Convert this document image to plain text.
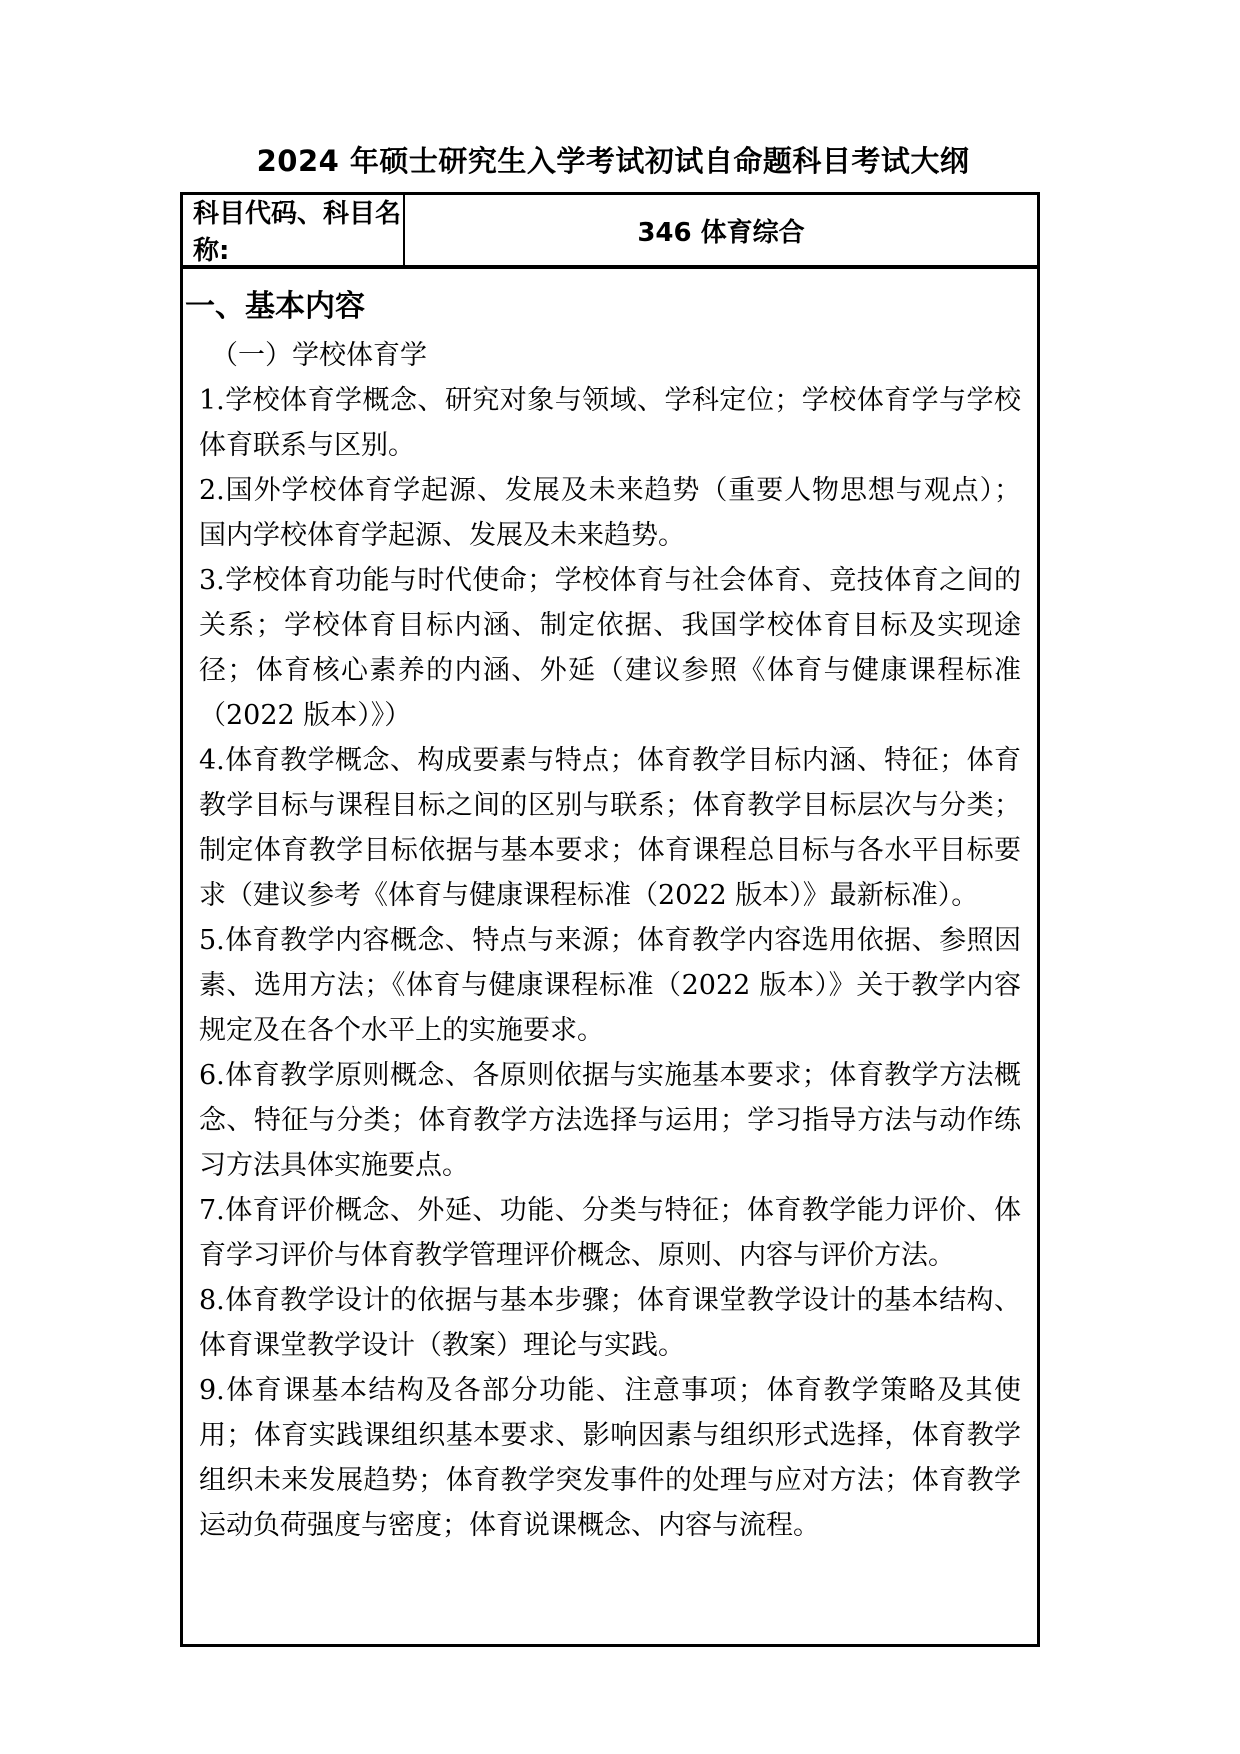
2024 年硕士研究生入学考试初试自命题科目考试大纲
科目代码、科目名称:
346 体育综合
一、基本内容
（一）学校体育学

1.学校体育学概念、研究对象与领域、学科定位；学校体育学与学校体育联系与区别。

2.国外学校体育学起源、发展及未来趋势（重要人物思想与观点）；国内学校体育学起源、发展及未来趋势。

3.学校体育功能与时代使命；学校体育与社会体育、竞技体育之间的关系；学校体育目标内涵、制定依据、我国学校体育目标及实现途径；体育核心素养的内涵、外延（建议参照《体育与健康课程标准（2022 版本）》）

4.体育教学概念、构成要素与特点；体育教学目标内涵、特征；体育教学目标与课程目标之间的区别与联系；体育教学目标层次与分类；制定体育教学目标依据与基本要求；体育课程总目标与各水平目标要求（建议参考《体育与健康课程标准（2022 版本）》最新标准）。

5.体育教学内容概念、特点与来源；体育教学内容选用依据、参照因素、选用方法；《体育与健康课程标准（2022 版本）》关于教学内容规定及在各个水平上的实施要求。

6.体育教学原则概念、各原则依据与实施基本要求；体育教学方法概念、特征与分类；体育教学方法选择与运用；学习指导方法与动作练习方法具体实施要点。

7.体育评价概念、外延、功能、分类与特征；体育教学能力评价、体育学习评价与体育教学管理评价概念、原则、内容与评价方法。

8.体育教学设计的依据与基本步骤；体育课堂教学设计的基本结构、体育课堂教学设计（教案）理论与实践。

9.体育课基本结构及各部分功能、注意事项；体育教学策略及其使用；体育实践课组织基本要求、影响因素与组织形式选择，体育教学组织未来发展趋势；体育教学突发事件的处理与应对方法；体育教学运动负荷强度与密度；体育说课概念、内容与流程。
